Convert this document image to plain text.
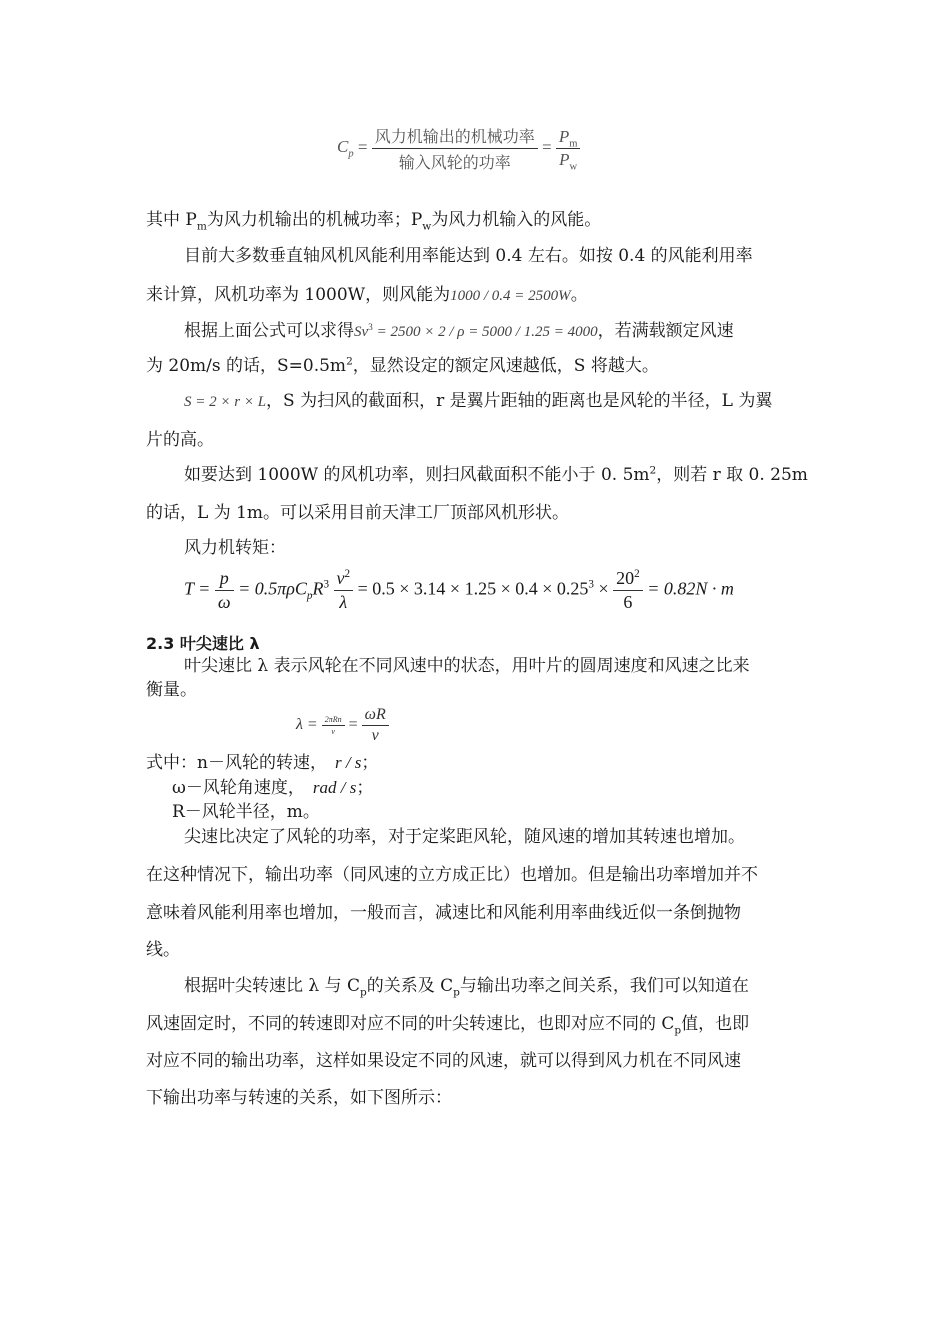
$C_p = \frac{\text{风力机输出的机械功率}}{\text{输入风轮的功率}} = \frac{P_m}{P_w}$
其中 $P_m$为风力机输出的机械功率；$P_w$为风力机输入的风能。
目前大多数垂直轴风机风能利用率能达到 0.4 左右。如按 0.4 的风能利用率
来计算，风机功率为 1000W，则风能为1000 / 0.4 = 2500W。
根据上面公式可以求得$Sv^3 = 2500 \times 2 / \rho = 5000 / 1.25 = 4000$，若满载额定风速
为 20m/s 的话，$S=0.5m^2$，显然设定的额定风速越低，S 将越大。
S = 2 × r × L，S 为扫风的截面积，r 是翼片距轴的距离也是风轮的半径，L 为翼
片的高。
如要达到 1000W 的风机功率，则扫风截面积不能小于 0. $5m^2$，则若 r 取 0. 25m
的话，L 为 1m。可以采用目前天津工厂顶部风机形状。
风力机转矩：
$T = \frac{p}{\omega} = 0.5\pi\rho C_pR^3 \frac{v^2}{\lambda} = 0.5 \times 3.14 \times 1.25 \times 0.4 \times 0.25^3 \times \frac{20^2}{6} = 0.82N \cdot m$
2.3 叶尖速比 λ
叶尖速比 λ 表示风轮在不同风速中的状态，用叶片的圆周速度和风速之比来
衡量。
$\lambda = \frac{\text{2πRn}}{v} = \frac{\omega R}{v}$
式中：n－风轮的转速， r / s；
ω－风轮角速度， rad / s；
R－风轮半径，m。
尖速比决定了风轮的功率，对于定桨距风轮，随风速的增加其转速也增加。
在这种情况下，输出功率（同风速的立方成正比）也增加。但是输出功率增加并不
意味着风能利用率也增加，一般而言，减速比和风能利用率曲线近似一条倒抛物
线。
根据叶尖转速比 λ 与 $C_p$的关系及 $C_p$与输出功率之间关系，我们可以知道在
风速固定时，不同的转速即对应不同的叶尖转速比，也即对应不同的 $C_p$值，也即
对应不同的输出功率，这样如果设定不同的风速，就可以得到风力机在不同风速
下输出功率与转速的关系，如下图所示：
